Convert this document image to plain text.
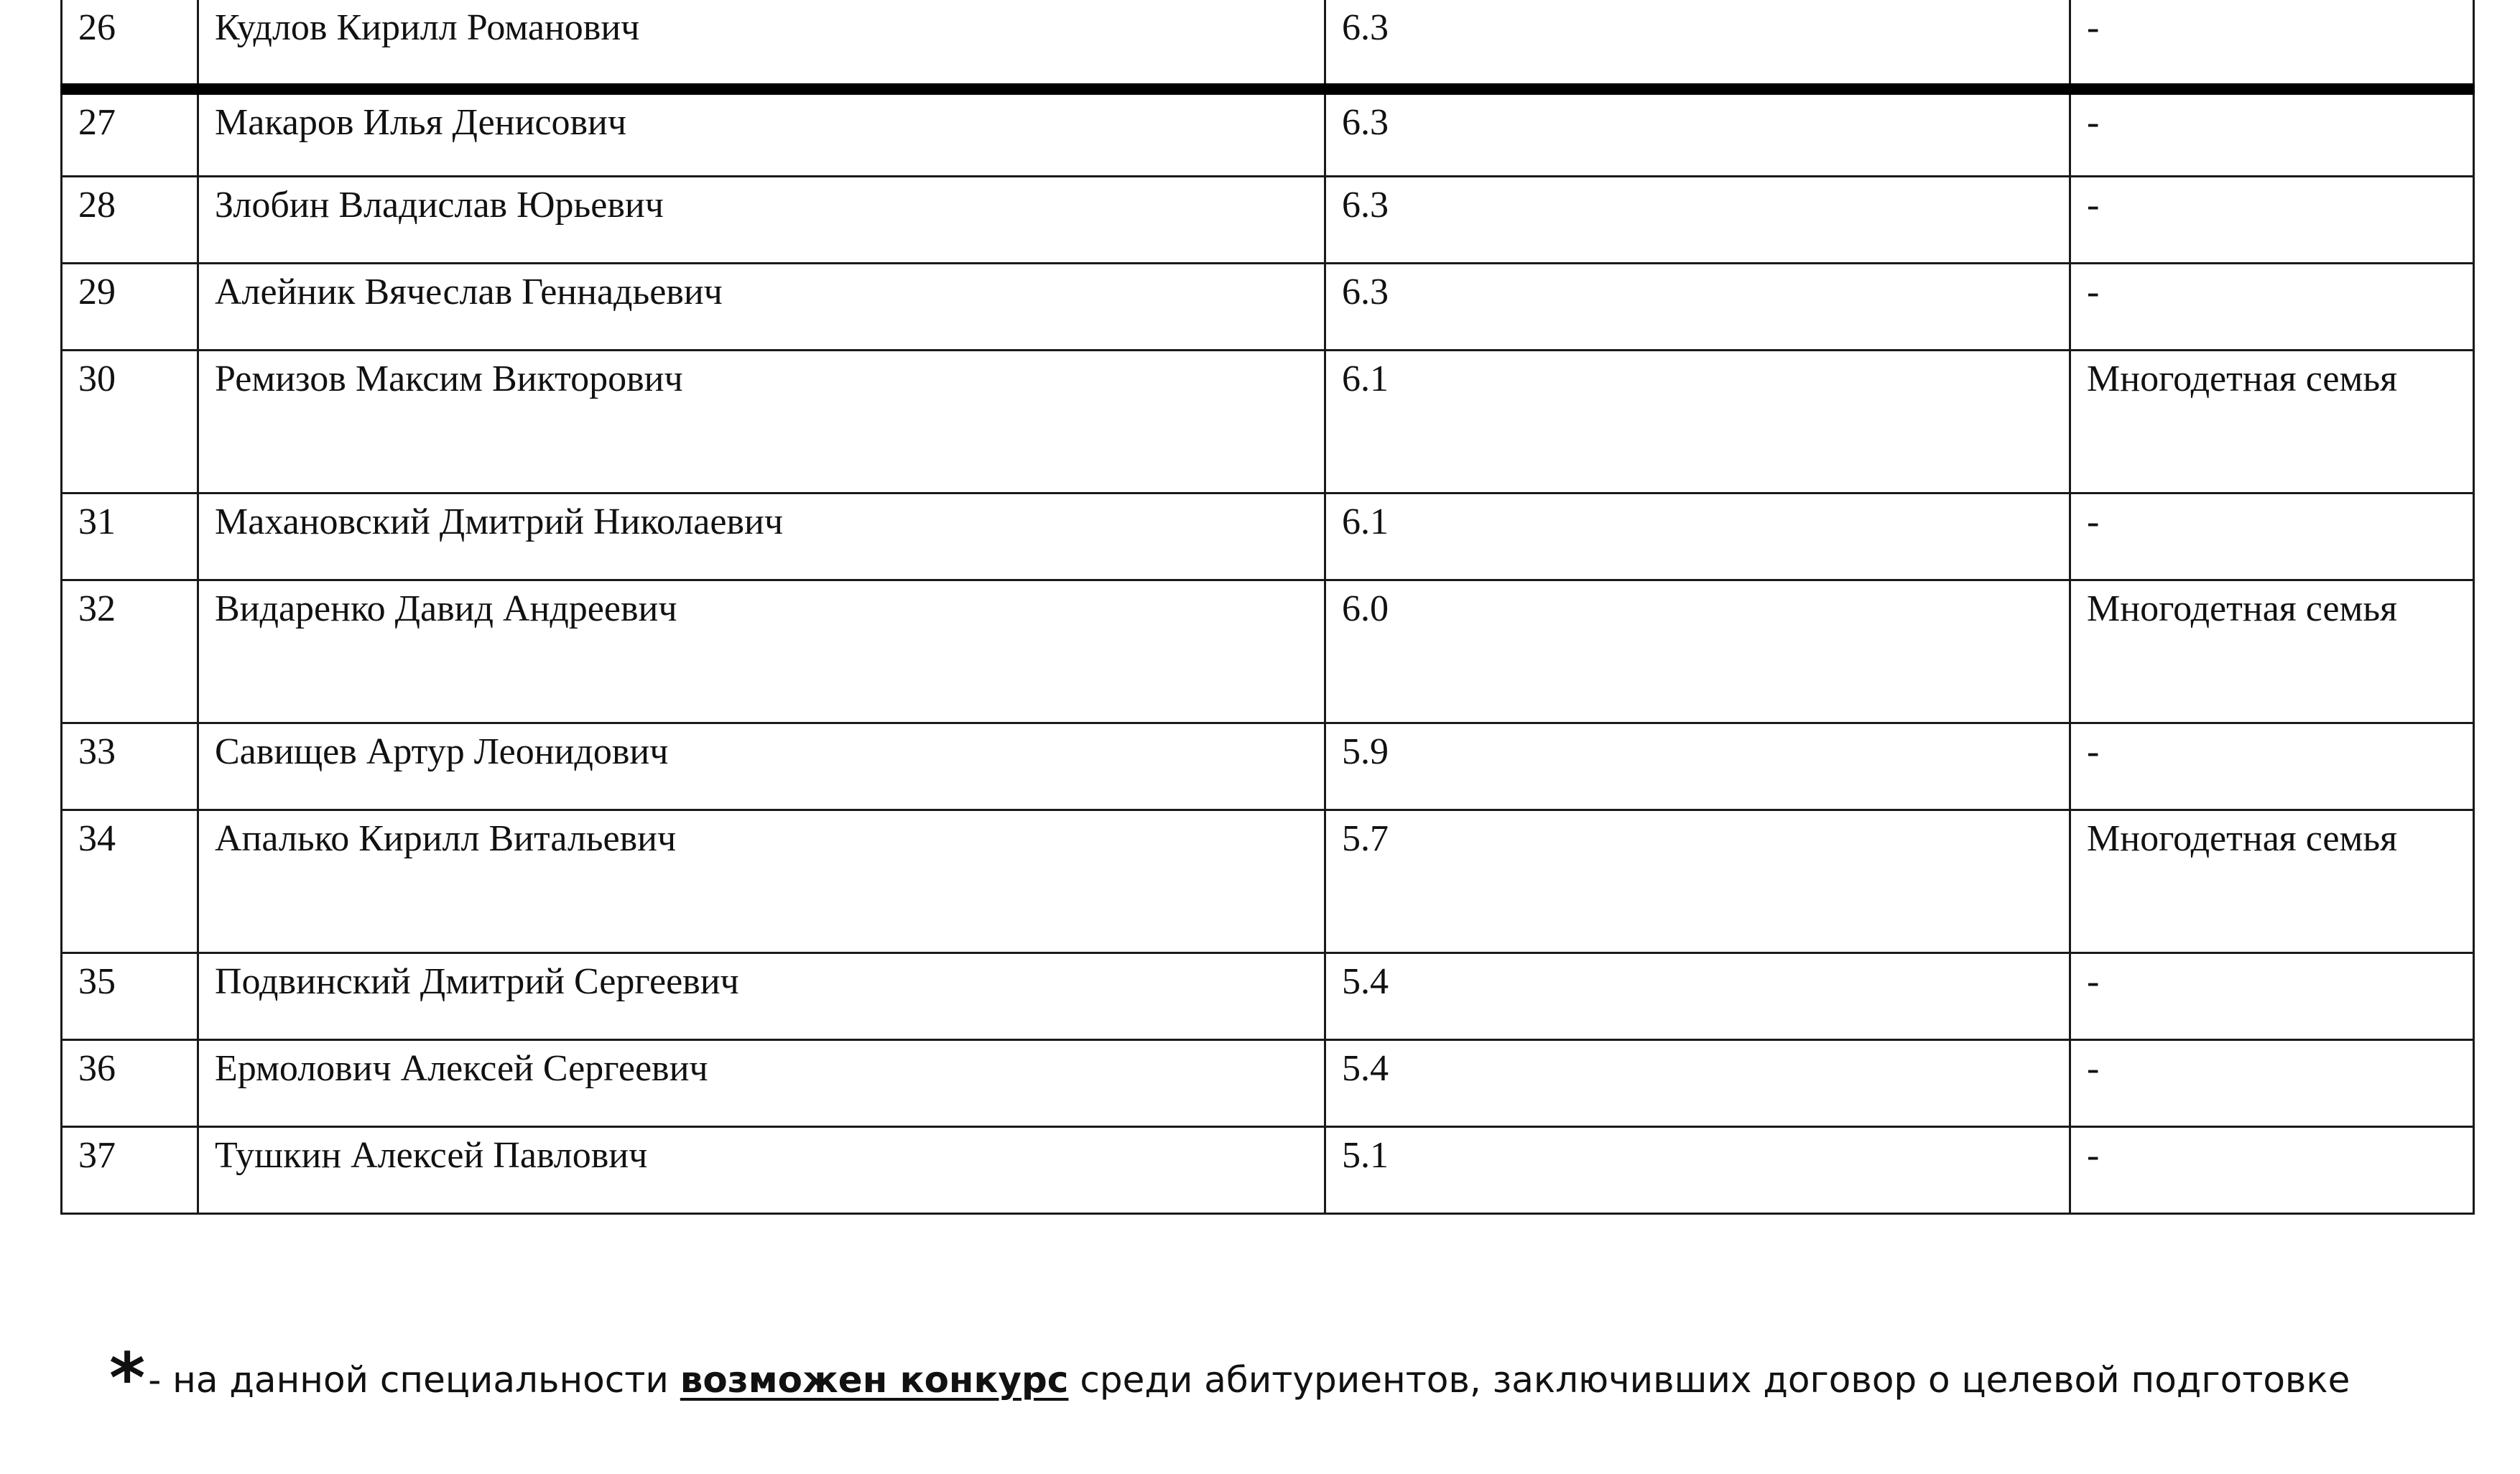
26	Кудлов Кирилл Романович	6.3	-
27	Макаров Илья Денисович	6.3	-
28	Злобин Владислав Юрьевич	6.3	-
29	Алейник Вячеслав Геннадьевич	6.3	-
30	Ремизов Максим Викторович	6.1	Многодетная семья
31	Махановский Дмитрий Николаевич	6.1	-
32	Видаренко Давид Андреевич	6.0	Многодетная семья
33	Савищев Артур Леонидович	5.9	-
34	Апалько Кирилл Витальевич	5.7	Многодетная семья
35	Подвинский Дмитрий Сергеевич	5.4	-
36	Ермолович Алексей Сергеевич	5.4	-
37	Тушкин Алексей Павлович	5.1	-
*- на данной специальности возможен конкурс среди абитуриентов, заключивших договор о целевой подготовке
